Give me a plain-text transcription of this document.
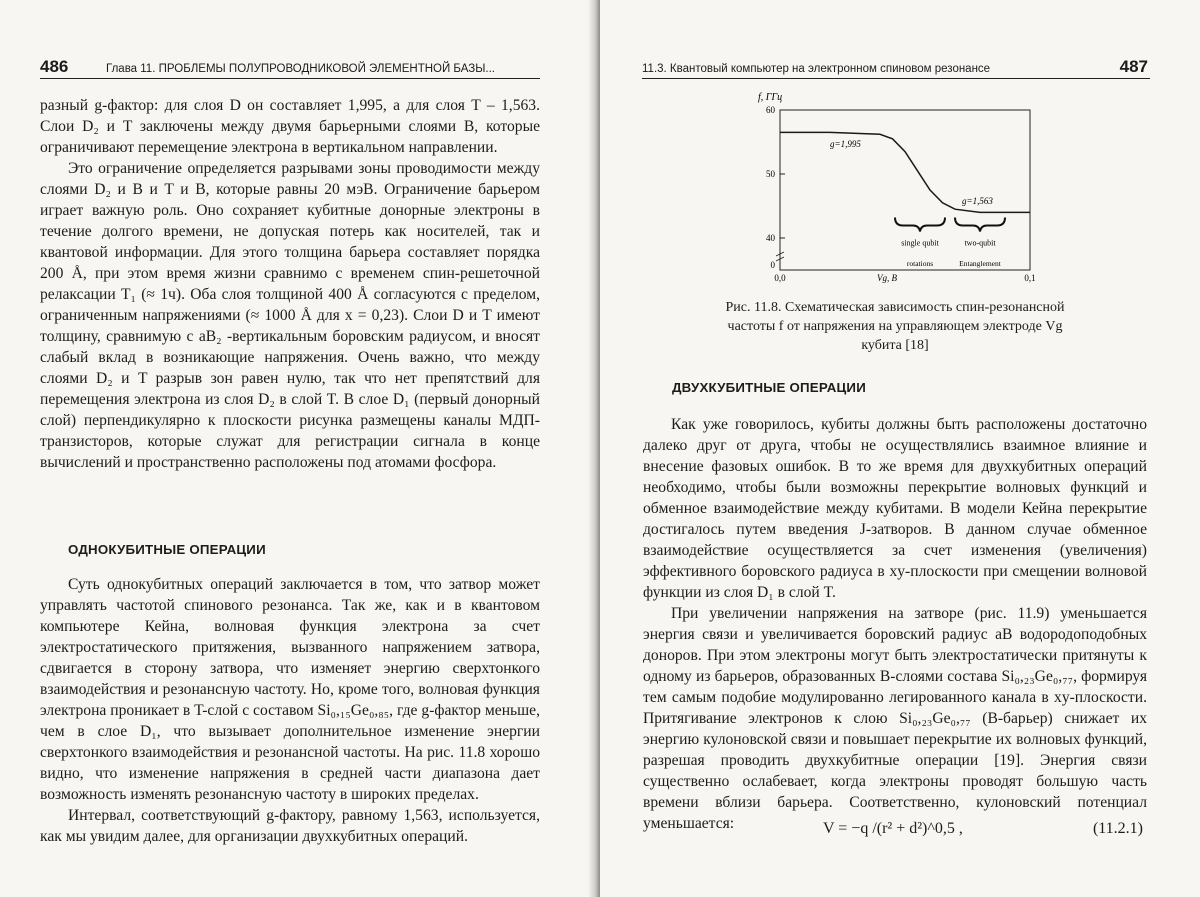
486	Глава 11. ПРОБЛЕМЫ ПОЛУПРОВОДНИКОВОЙ ЭЛЕМЕНТНОЙ БАЗЫ...

разный g-фактор: для слоя D он составляет 1,995, а для слоя T – 1,563. Слои D₂ и T заключены между двумя барьерными слоями B, которые ограничивают перемещение электрона в вертикальном направлении.

Это ограничение определяется разрывами зоны проводимости между слоями D₂ и B и T и B, которые равны 20 мэВ. Ограничение барьером играет важную роль. Оно сохраняет кубитные донорные электроны в течение долгого времени, не допуская потерь как носителей, так и квантовой информации. Для этого толщина барьера составляет порядка 200 Å, при этом время жизни сравнимо с временем спин-решеточной релаксации T₁ (≈ 1ч). Оба слоя толщиной 400 Å согласуются с пределом, ограниченным напряжениями (≈ 1000 Å для x = 0,23). Слои D и T имеют толщину, сравнимую с aB₂ -вертикальным боровским радиусом, и вносят слабый вклад в возникающие напряжения. Очень важно, что между слоями D₂ и T разрыв зон равен нулю, так что нет препятствий для перемещения электрона из слоя D₂ в слой T. В слое D₁ (первый донорный слой) перпендикулярно к плоскости рисунка размещены каналы МДП-транзисторов, которые служат для регистрации сигнала в конце вычислений и пространственно расположены под атомами фосфора.

ОДНОКУБИТНЫЕ ОПЕРАЦИИ

Суть однокубитных операций заключается в том, что затвор может управлять частотой спинового резонанса. Так же, как и в квантовом компьютере Кейна, волновая функция электрона за счет электростатического притяжения, вызванного напряжением затвора, сдвигается в сторону затвора, что изменяет энергию сверхтонкого взаимодействия и резонансную частоту. Но, кроме того, волновая функция электрона проникает в T-слой с составом Si₀,₁₅Ge₀,₈₅, где g-фактор меньше, чем в слое D₁, что вызывает дополнительное изменение энергии сверхтонкого взаимодействия и резонансной частоты. На рис. 11.8 хорошо видно, что изменение напряжения в средней части диапазона дает возможность изменять резонансную частоту в широких пределах.

Интервал, соответствующий g-фактору, равному 1,563, используется, как мы увидим далее, для организации двухкубитных операций.

11.3. Квантовый компьютер на электронном спиновом резонансе	487
0
40
50
60
0,0	0,1
f, ГГц
Vg, В
g=1,995
g=1,563
single qubit	two-qubit
rotations	Entanglement
Рис. 11.8. Схематическая зависимость спин-резонансной частоты f от напряжения на управляющем электроде Vg кубита [18]
ДВУХКУБИТНЫЕ ОПЕРАЦИИ

Как уже говорилось, кубиты должны быть расположены достаточно далеко друг от друга, чтобы не осуществлялись взаимное влияние и внесение фазовых ошибок. В то же время для двухкубитных операций необходимо, чтобы были возможны перекрытие волновых функций и обменное взаимодействие между кубитами. В модели Кейна перекрытие достигалось путем введения J-затворов. В данном случае обменное взаимодействие осуществляется за счет изменения (увеличения) эффективного боровского радиуса в xy-плоскости при смещении волновой функции из слоя D₁ в слой T.

При увеличении напряжения на затворе (рис. 11.9) уменьшается энергия связи и увеличивается боровский радиус aB водородоподобных доноров. При этом электроны могут быть электростатически притянуты к одному из барьеров, образованных B-слоями состава Si₀,₂₃Ge₀,₇₇, формируя тем самым подобие модулированно легированного канала в xy-плоскости. Притягивание электронов к слою Si₀,₂₃Ge₀,₇₇ (B-барьер) снижает их энергию кулоновской связи и повышает перекрытие их волновых функций, разрешая проводить двухкубитные операции [19]. Энергия связи существенно ослабевает, когда электроны проводят большую часть времени вблизи барьера. Соответственно, кулоновский потенциал уменьшается:	V = −q /(r² + d²)^0,5 ,	(11.2.1)
